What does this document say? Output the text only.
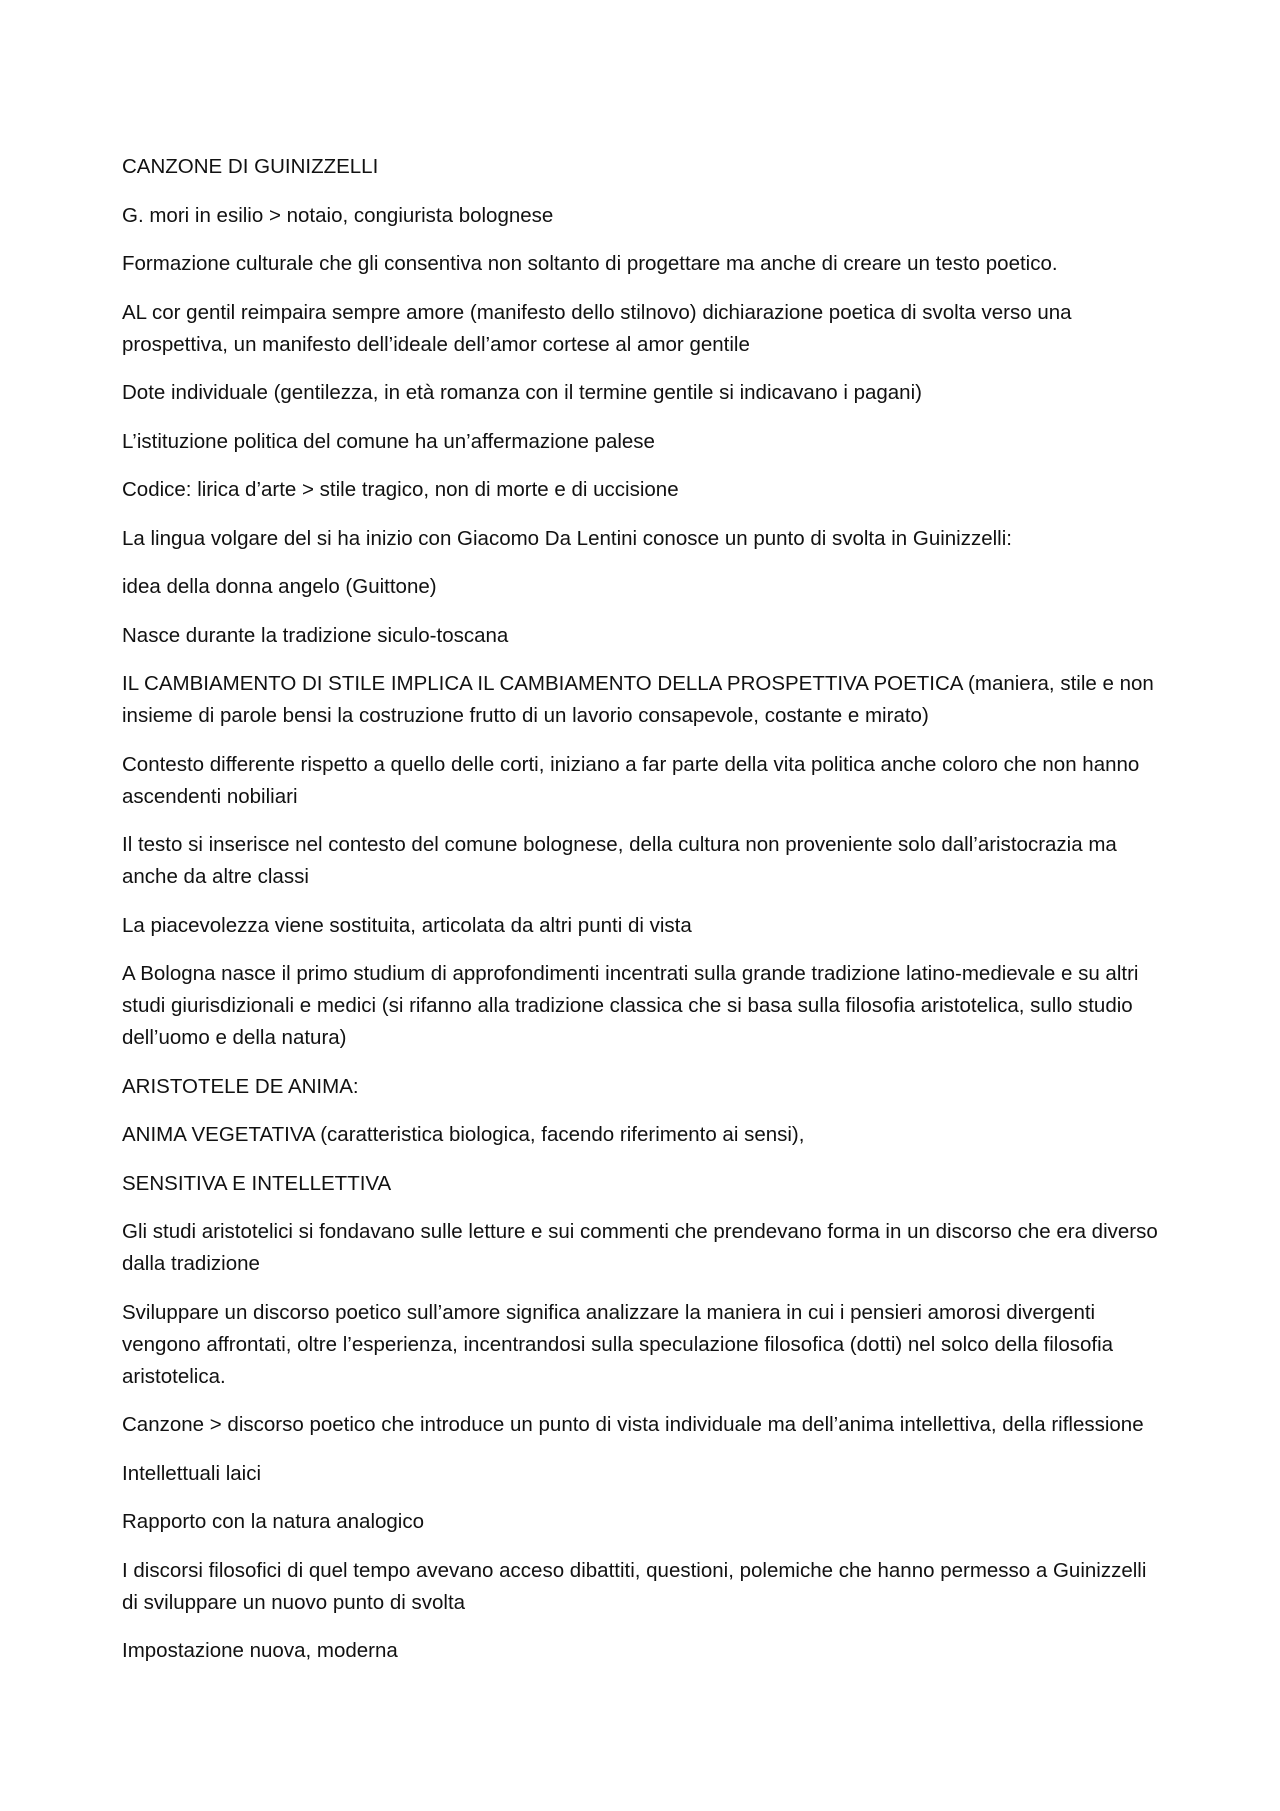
CANZONE DI GUINIZZELLI

G. mori in esilio > notaio, congiurista bolognese

Formazione culturale che gli consentiva non soltanto di progettare ma anche di creare un testo poetico.

AL cor gentil reimpaira sempre amore (manifesto dello stilnovo) dichiarazione poetica di svolta verso una prospettiva, un manifesto dell’ideale dell’amor cortese al amor gentile

Dote individuale (gentilezza, in età romanza con il termine gentile si indicavano i pagani)

L’istituzione politica del comune ha un’affermazione palese

Codice: lirica d’arte > stile tragico, non di morte e di uccisione

La lingua volgare del si ha inizio con Giacomo Da Lentini conosce un punto di svolta in Guinizzelli:

idea della donna angelo (Guittone)

Nasce durante la tradizione siculo-toscana

IL CAMBIAMENTO DI STILE IMPLICA IL CAMBIAMENTO DELLA PROSPETTIVA POETICA (maniera, stile e non insieme di parole bensi la costruzione frutto di un lavorio consapevole, costante e mirato)

Contesto differente rispetto a quello delle corti, iniziano a far parte della vita politica anche coloro che non hanno ascendenti nobiliari

Il testo si inserisce nel contesto del comune bolognese, della cultura non proveniente solo dall’aristocrazia ma anche da altre classi

La piacevolezza viene sostituita, articolata da altri punti di vista

A Bologna nasce il primo studium di approfondimenti incentrati sulla grande tradizione latino-medievale e su altri studi giurisdizionali e medici (si rifanno alla tradizione classica che si basa sulla filosofia aristotelica, sullo studio dell’uomo e della natura)

ARISTOTELE DE ANIMA:

ANIMA VEGETATIVA (caratteristica biologica, facendo riferimento ai sensi),

SENSITIVA E INTELLETTIVA

Gli studi aristotelici si fondavano sulle letture e sui commenti che prendevano forma in un discorso che era diverso dalla tradizione

Sviluppare un discorso poetico sull’amore significa analizzare la maniera in cui i pensieri amorosi divergenti vengono affrontati, oltre l’esperienza, incentrandosi sulla speculazione filosofica (dotti) nel solco della filosofia aristotelica.

Canzone > discorso poetico che introduce un punto di vista individuale ma dell’anima intellettiva, della riflessione

Intellettuali laici

Rapporto con la natura analogico

I discorsi filosofici di quel tempo avevano acceso dibattiti, questioni, polemiche che hanno permesso a Guinizzelli di sviluppare un nuovo punto di svolta

Impostazione nuova, moderna
